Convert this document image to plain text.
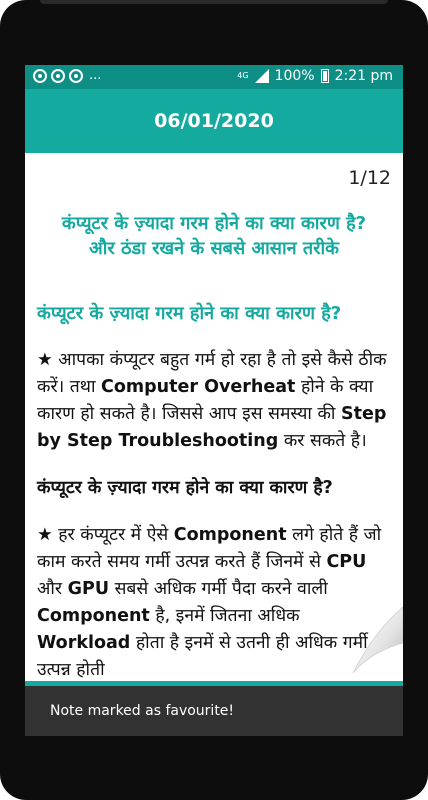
...	4G 100% 2:21 pm
06/01/2020
1/12
कंप्यूटर के ज़्यादा गरम होने का क्या कारण है?
और ठंडा रखने के सबसे आसान तरीके
कंप्यूटर के ज़्यादा गरम होने का क्या कारण है?
★ आपका कंप्यूटर बहुत गर्म हो रहा है तो इसे कैसे ठीक करें। तथा Computer Overheat होने के क्या कारण हो सकते है। जिससे आप इस समस्या की Step by Step Troubleshooting कर सकते है।
कंप्यूटर के ज़्यादा गरम होने का क्या कारण है?
★ हर कंप्यूटर में ऐसे Component लगे होते हैं जो काम करते समय गर्मी उत्पन्न करते हैं जिनमें से CPU और GPU सबसे अधिक गर्मी पैदा करने वाली Component है, इनमें जितना अधिक Workload होता है इनमें से उतनी ही अधिक गर्मी उत्पन्न होती
Note marked as favourite!
